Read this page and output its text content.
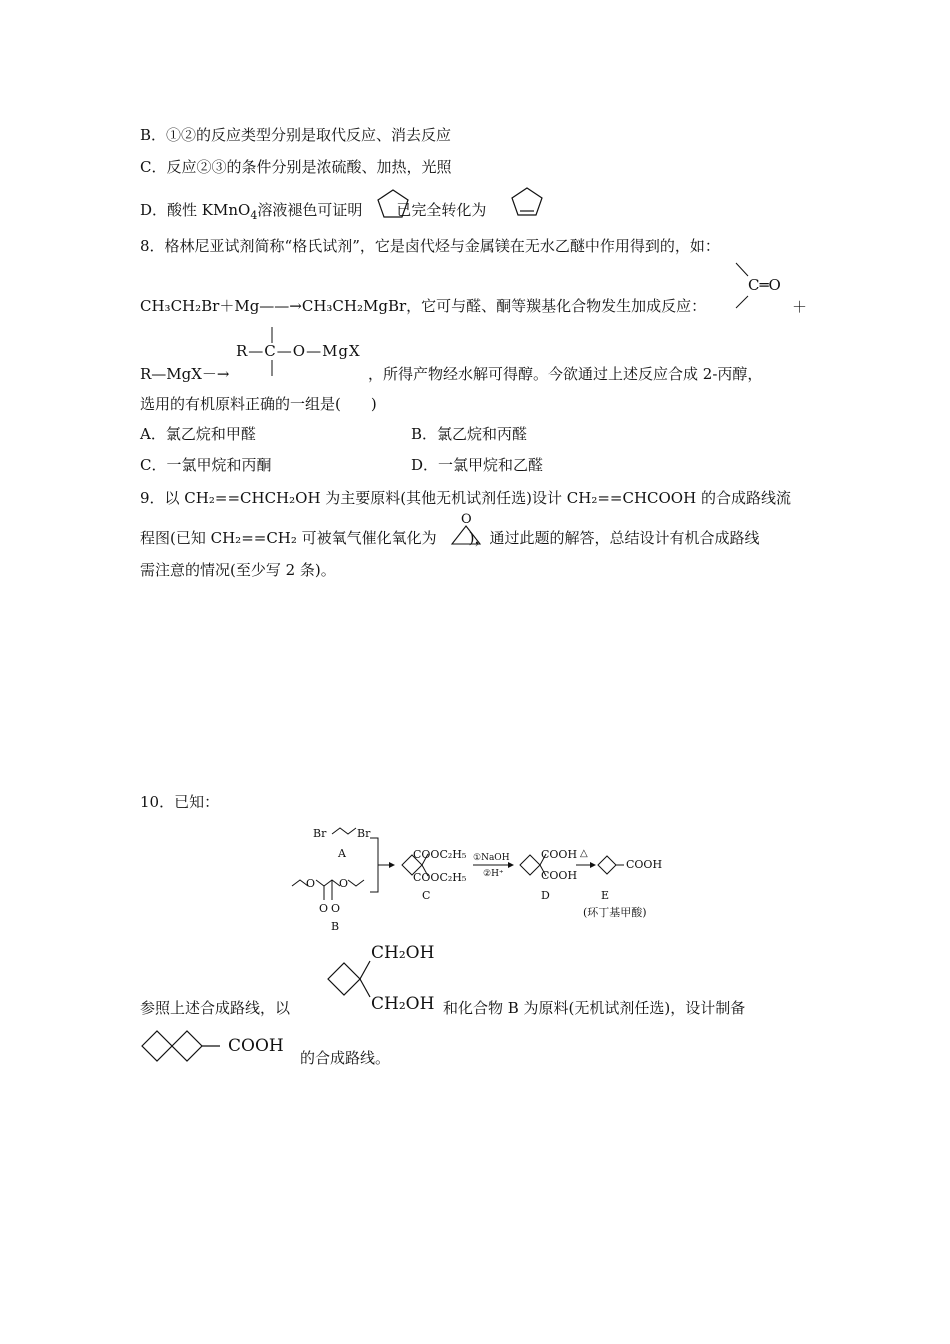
B．①②的反应类型分别是取代反应、消去反应
C．反应②③的条件分别是浓硫酸、加热，光照
D．酸性 KMnO$_4$溶液褪色可证明 已完全转化为
8．格林尼亚试剂简称“格氏试剂”，它是卤代烃与金属镁在无水乙醚中作用得到的，如：
CH₃CH₂Br＋Mg——→CH₃CH₂MgBr，它可与醛、酮等羰基化合物发生加成反应：
C═O
＋
R—C—O—MgX
R—MgX－→	，所得产物经水解可得醇。今欲通过上述反应合成 2-丙醇，
选用的有机原料正确的一组是(　　)
A．氯乙烷和甲醛	B．氯乙烷和丙醛
C．一氯甲烷和丙酮	D．一氯甲烷和乙醛
9．以 CH₂==CHCH₂OH 为主要原料(其他无机试剂任选)设计 CH₂==CHCOOH 的合成路线流
程图(已知 CH₂==CH₂ 可被氧气催化氧化为 )，通过此题的解答，总结设计有机合成路线
O
需注意的情况(至少写 2 条)。
10．已知：
Br	Br
A
O O
O O
B
COOC₂H₅
COOC₂H₅
C
①NaOH
②H⁺
COOH
COOH
D
△
COOH
E
(环丁基甲酸)
CH₂OH
CH₂OH
参照上述合成路线，以	和化合物 B 为原料(无机试剂任选)，设计制备
COOH
的合成路线。
